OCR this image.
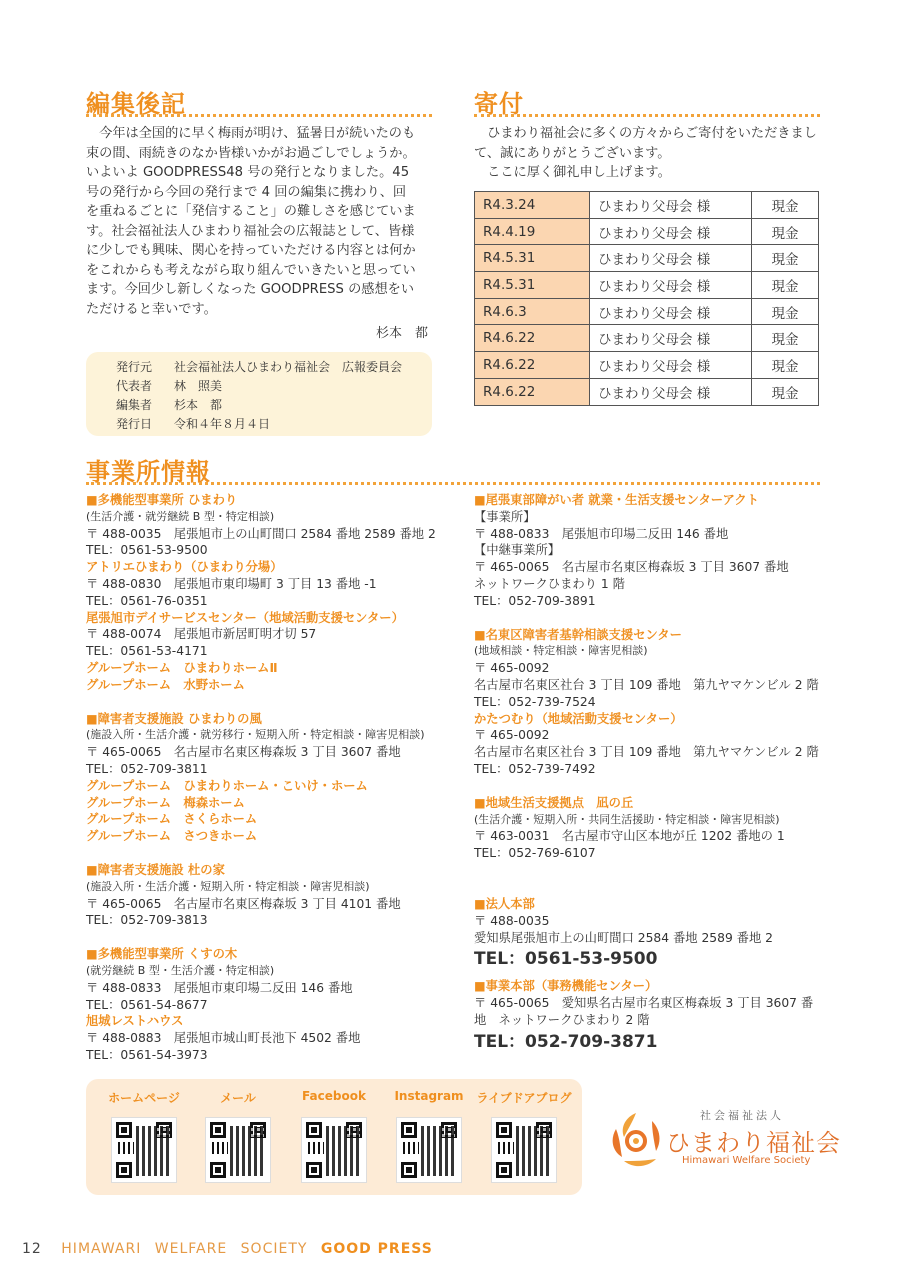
編集後記
　今年は全国的に早く梅雨が明け、猛暑日が続いたのも
束の間、雨続きのなか皆様いかがお過ごしでしょうか。
いよいよ GOODPRESS48 号の発行となりました。45
号の発行から今回の発行まで 4 回の編集に携わり、回
を重ねるごとに「発信すること」の難しさを感じていま
す。社会福祉法人ひまわり福祉会の広報誌として、皆様
に少しでも興味、関心を持っていただける内容とは何か
をこれからも考えながら取り組んでいきたいと思ってい
ます。今回少し新しくなった GOODPRESS の感想をい
ただけると幸いです。
杉本　都
発行元 社会福祉法人ひまわり福祉会　広報委員会
代表者 林　照美
編集者 杉本　都
発行日 令和４年８月４日
寄付
　ひまわり福祉会に多くの方々からご寄付をいただきまし
て、誠にありがとうございます。
　ここに厚く御礼申し上げます。
R4.3.24	ひまわり父母会 様	現金
R4.4.19	ひまわり父母会 様	現金
R4.5.31	ひまわり父母会 様	現金
R4.5.31	ひまわり父母会 様	現金
R4.6.3	ひまわり父母会 様	現金
R4.6.22	ひまわり父母会 様	現金
R4.6.22	ひまわり父母会 様	現金
R4.6.22	ひまわり父母会 様	現金
事業所情報
■ 多機能型事業所 ひまわり
(生活介護・就労継続 B 型・特定相談)
〒 488-0035　尾張旭市上の山町間口 2584 番地 2589 番地 2
TEL：0561-53-9500
アトリエひまわり（ひまわり分場）
〒 488-0830　尾張旭市東印場町 3 丁目 13 番地 -1
TEL：0561-76-0351
尾張旭市デイサービスセンター（地域活動支援センター）
〒 488-0074　尾張旭市新居町明才切 57
TEL：0561-53-4171
グループホーム　ひまわりホームⅡ
グループホーム　水野ホーム
■ 障害者支援施設 ひまわりの風
(施設入所・生活介護・就労移行・短期入所・特定相談・障害児相談)
〒 465-0065　名古屋市名東区梅森坂 3 丁目 3607 番地
TEL：052-709-3811
グループホーム　ひまわりホーム・こいけ・ホーム
グループホーム　梅森ホーム
グループホーム　さくらホーム
グループホーム　さつきホーム
■ 障害者支援施設 杜の家
(施設入所・生活介護・短期入所・特定相談・障害児相談)
〒 465-0065　名古屋市名東区梅森坂 3 丁目 4101 番地
TEL：052-709-3813
■ 多機能型事業所 くすの木
(就労継続 B 型・生活介護・特定相談)
〒 488-0833　尾張旭市東印場二反田 146 番地
TEL：0561-54-8677
旭城レストハウス
〒 488-0883　尾張旭市城山町長池下 4502 番地
TEL：0561-54-3973
■ 尾張東部障がい者 就業・生活支援センターアクト
【事業所】
〒 488-0833　尾張旭市印場二反田 146 番地
【中継事業所】
〒 465-0065　名古屋市名東区梅森坂 3 丁目 3607 番地
ネットワークひまわり 1 階
TEL：052-709-3891
■ 名東区障害者基幹相談支援センター
(地域相談・特定相談・障害児相談)
〒 465-0092
名古屋市名東区社台 3 丁目 109 番地　第九ヤマケンビル 2 階
TEL：052-739-7524
かたつむり（地域活動支援センター）
〒 465-0092
名古屋市名東区社台 3 丁目 109 番地　第九ヤマケンビル 2 階
TEL：052-739-7492
■ 地域生活支援拠点　凪の丘
(生活介護・短期入所・共同生活援助・特定相談・障害児相談)
〒 463-0031　名古屋市守山区本地が丘 1202 番地の 1
TEL：052-769-6107
■ 法人本部
〒 488-0035
愛知県尾張旭市上の山町間口 2584 番地 2589 番地 2
TEL：0561-53-9500
■ 事業本部（事務機能センター）
〒 465-0065　愛知県名古屋市名東区梅森坂 3 丁目 3607 番
地　ネットワークひまわり 2 階
TEL：052-709-3871
ホームページ	メール	Facebook	Instagram ライブドアブログ
社会福祉法人
ひまわり福祉会
Himawari Welfare Society
12 HIMAWARI WELFARE SOCIETY GOOD PRESS
